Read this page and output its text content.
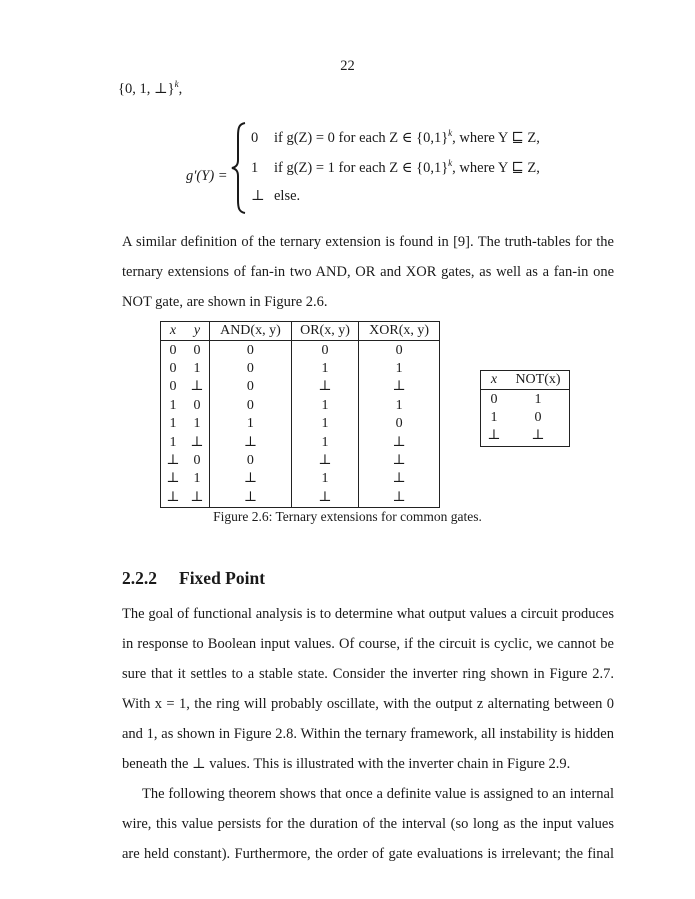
22
{0, 1, ⊥}$^k$,
g′(Y) =
0 if g(Z) = 0 for each Z ∈ $\{0,1\}^k$, where Y ⊑ Z,
1 if g(Z) = 1 for each Z ∈ $\{0,1\}^k$, where Y ⊑ Z,
⊥ else.
A similar definition of the ternary extension is found in [9]. The truth-tables for the
ternary extensions of fan-in two AND, OR and XOR gates, as well as a fan-in one
NOT gate, are shown in Figure 2.6.
x	y	AND(x, y)	OR(x, y)	XOR(x, y)
0	0	0	0	0
0	1	0	1	1
0	⊥	0	⊥	⊥
1	0	0	1	1
1	1	1	1	0
1	⊥	⊥	1	⊥
⊥	0	0	⊥	⊥
⊥	1	⊥	1	⊥
⊥	⊥	⊥	⊥	⊥
x	NOT(x)
0	1
1	0
⊥	⊥
Figure 2.6: Ternary extensions for common gates.
2.2.2 Fixed Point
The goal of functional analysis is to determine what output values a circuit produces
in response to Boolean input values. Of course, if the circuit is cyclic, we cannot be
sure that it settles to a stable state. Consider the inverter ring shown in Figure 2.7.
With x = 1, the ring will probably oscillate, with the output z alternating between 0
and 1, as shown in Figure 2.8. Within the ternary framework, all instability is hidden
beneath the ⊥ values. This is illustrated with the inverter chain in Figure 2.9.
The following theorem shows that once a definite value is assigned to an internal
wire, this value persists for the duration of the interval (so long as the input values
are held constant). Furthermore, the order of gate evaluations is irrelevant; the final
